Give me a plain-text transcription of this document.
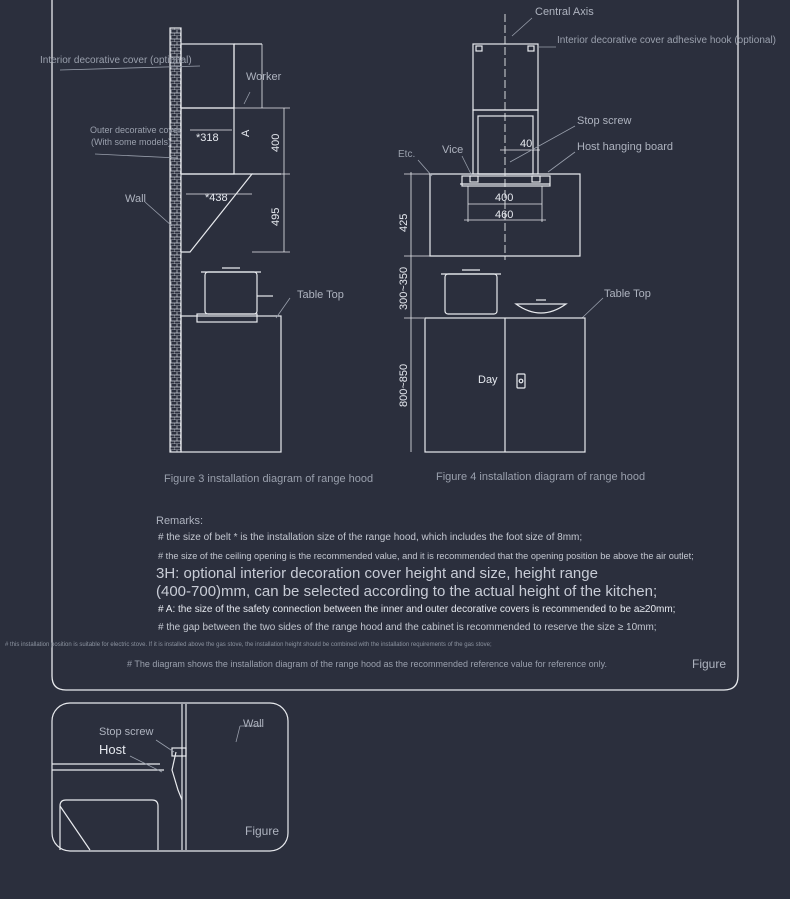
Interior decorative cover (optional)
Worker
Outer decorative cover
(With some models)
Wall
Table Top
*318 A
400
*438
495
Figure 3 installation diagram of range hood
Central Axis
Interior decorative cover adhesive hook (optional)
Stop screw
Host hanging board
Etc. Vice
Table Top
Day
40
400
460
425
300~350
800~850
Figure 4 installation diagram of range hood
Remarks:
# the size of belt * is the installation size of the range hood, which includes the foot size of 8mm;
# the size of the ceiling opening is the recommended value, and it is recommended that the opening position be above the air outlet;
3H: optional interior decoration cover height and size, height range
(400-700)mm, can be selected according to the actual height of the kitchen;
# A: the size of the safety connection between the inner and outer decorative covers is recommended to be a≥20mm;
# the gap between the two sides of the range hood and the cabinet is recommended to reserve the size ≥ 10mm;
# this installation position is suitable for electric stove. If it is installed above the gas stove, the installation height should be combined with the installation requirements of the gas stove;
# The diagram shows the installation diagram of the range hood as the recommended reference value for reference only.	Figure
Stop screw
Host
Wall
Figure
